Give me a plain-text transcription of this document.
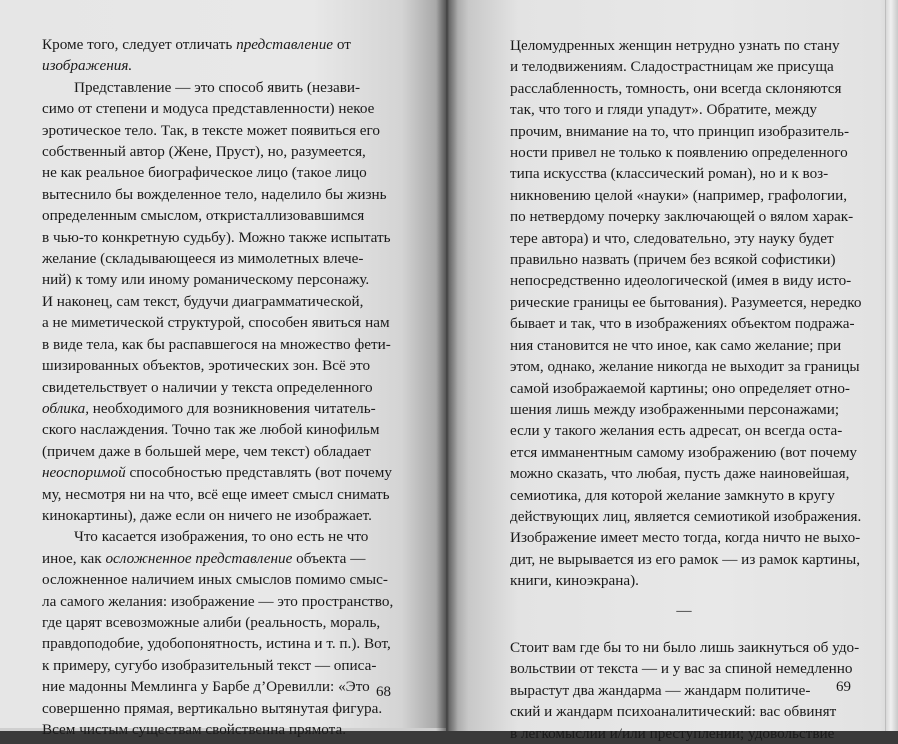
Кроме того, следует отличать представление от
изображения.
Представление — это способ явить (незави-
симо от степени и модуса представленности) некое
эротическое тело. Так, в тексте может появиться его
собственный автор (Жене, Пруст), но, разумеется,
не как реальное биографическое лицо (такое лицо
вытеснило бы вожделенное тело, наделило бы жизнь
определенным смыслом, откристаллизовавшимся
в чью-то конкретную судьбу). Можно также испытать
желание (складывающееся из мимолетных влече-
ний) к тому или иному романическому персонажу.
И наконец, сам текст, будучи диаграмматической,
а не миметической структурой, способен явиться нам
в виде тела, как бы распавшегося на множество фети-
шизированных объектов, эротических зон. Всё это
свидетельствует о наличии у текста определенного
облика, необходимого для возникновения читатель-
ского наслаждения. Точно так же любой кинофильм
(причем даже в большей мере, чем текст) обладает
неоспоримой способностью представлять (вот почему
му, несмотря ни на что, всё еще имеет смысл снимать
кинокартины), даже если он ничего не изображает.
Что касается изображения, то оно есть не что
иное, как осложненное представление объекта —
осложненное наличием иных смыслов помимо смыс-
ла самого желания: изображение — это пространство,
где царят всевозможные алиби (реальность, мораль,
правдоподобие, удобопонятность, истина и т. п.). Вот,
к примеру, сугубо изобразительный текст — описа-
ние мадонны Мемлинга у Барбе д’Оревилли: «Это
совершенно прямая, вертикально вытянутая фигура.
Всем чистым существам свойственна прямота.
68
Целомудренных женщин нетрудно узнать по стану
и телодвижениям. Сладострастницам же присуща
расслабленность, томность, они всегда склоняются
так, что того и гляди упадут». Обратите, между
прочим, внимание на то, что принцип изобразитель-
ности привел не только к появлению определенного
типа искусства (классический роман), но и к воз-
никновению целой «науки» (например, графологии,
по нетвердому почерку заключающей о вялом харак-
тере автора) и что, следовательно, эту науку будет
правильно назвать (причем без всякой софистики)
непосредственно идеологической (имея в виду исто-
рические границы ее бытования). Разумеется, нередко
бывает и так, что в изображениях объектом подража-
ния становится не что иное, как само желание; при
этом, однако, желание никогда не выходит за границы
самой изображаемой картины; оно определяет отно-
шения лишь между изображенными персонажами;
если у такого желания есть адресат, он всегда оста-
ется имманентным самому изображению (вот почему
можно сказать, что любая, пусть даже наиновейшая,
семиотика, для которой желание замкнуто в кругу
действующих лиц, является семиотикой изображения.
Изображение имеет место тогда, когда ничто не выхо-
дит, не вырывается из его рамок — из рамок картины,
книги, киноэкрана).
—
Стоит вам где бы то ни было лишь заикнуться об удо-
вольствии от текста — и у вас за спиной немедленно
вырастут два жандарма — жандарм политиче-
ский и жандарм психоаналитический: вас обвинят
в легкомыслии и/или преступлении; удовольствие
69
